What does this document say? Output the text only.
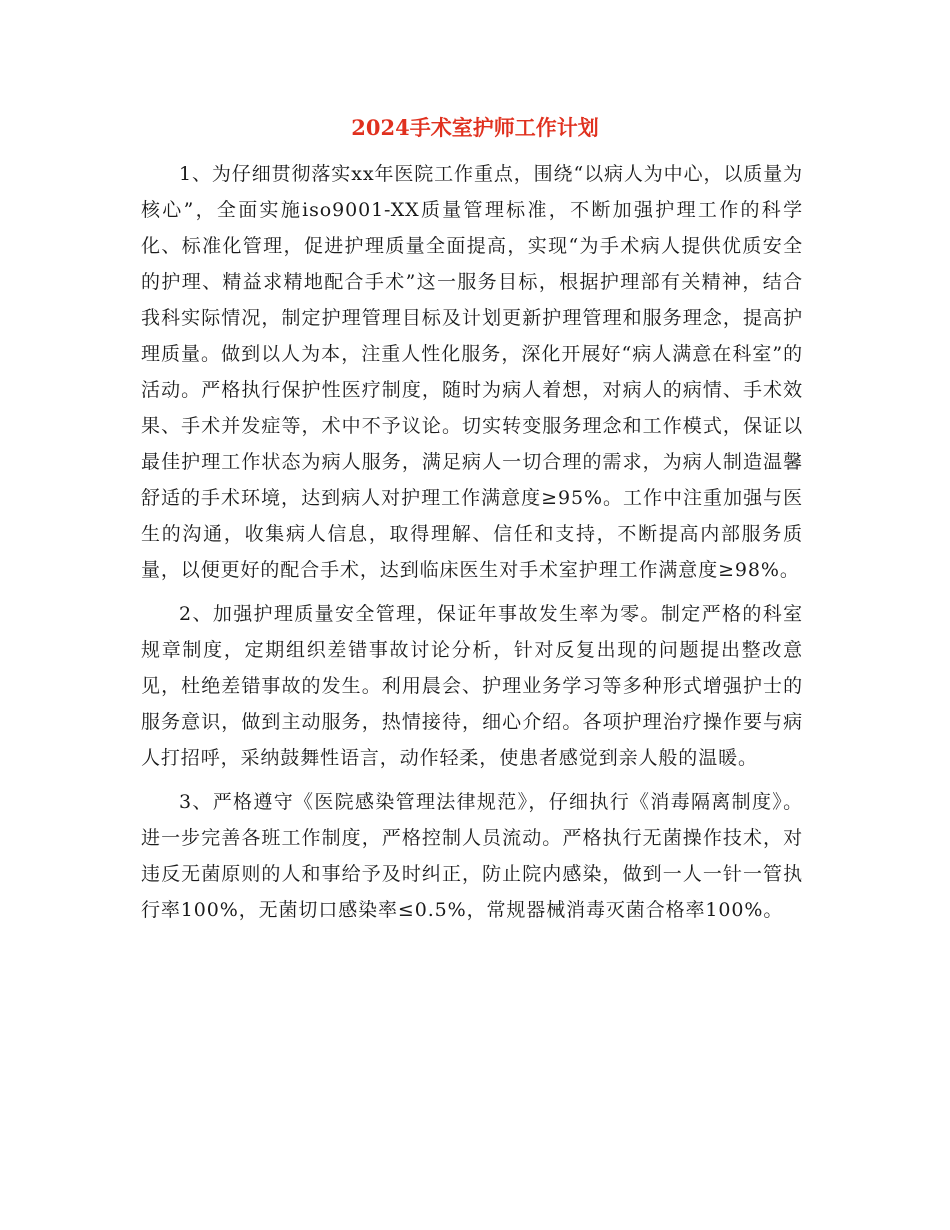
2024手术室护师工作计划

1、为仔细贯彻落实xx年医院工作重点，围绕“以病人为中心，以质量为核心”，全面实施iso9001-XX质量管理标准，不断加强护理工作的科学化、标准化管理，促进护理质量全面提高，实现“为手术病人提供优质安全的护理、精益求精地配合手术”这一服务目标，根据护理部有关精神，结合我科实际情况，制定护理管理目标及计划更新护理管理和服务理念，提高护理质量。做到以人为本，注重人性化服务，深化开展好“病人满意在科室”的活动。严格执行保护性医疗制度，随时为病人着想，对病人的病情、手术效果、手术并发症等，术中不予议论。切实转变服务理念和工作模式，保证以最佳护理工作状态为病人服务，满足病人一切合理的需求，为病人制造温馨舒适的手术环境，达到病人对护理工作满意度≥95%。工作中注重加强与医生的沟通，收集病人信息，取得理解、信任和支持，不断提高内部服务质量，以便更好的配合手术，达到临床医生对手术室护理工作满意度≥98%。

2、加强护理质量安全管理，保证年事故发生率为零。制定严格的科室规章制度，定期组织差错事故讨论分析，针对反复出现的问题提出整改意见，杜绝差错事故的发生。利用晨会、护理业务学习等多种形式增强护士的服务意识，做到主动服务，热情接待，细心介绍。各项护理治疗操作要与病人打招呼，采纳鼓舞性语言，动作轻柔，使患者感觉到亲人般的温暖。

3、严格遵守《医院感染管理法律规范》，仔细执行《消毒隔离制度》。进一步完善各班工作制度，严格控制人员流动。严格执行无菌操作技术，对违反无菌原则的人和事给予及时纠正，防止院内感染，做到一人一针一管执行率100%，无菌切口感染率≤0.5%，常规器械消毒灭菌合格率100%。
